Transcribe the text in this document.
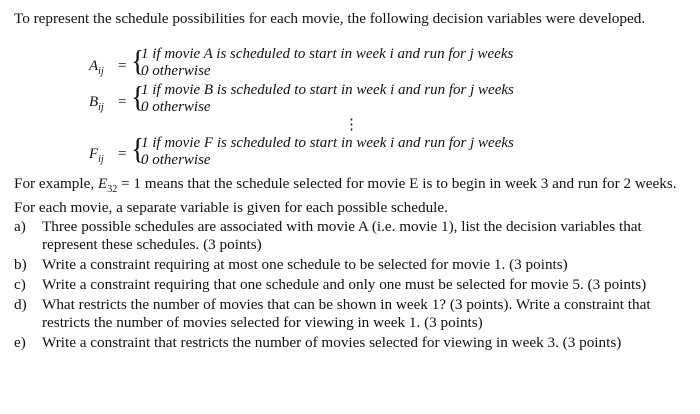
To represent the schedule possibilities for each movie, the following decision variables were developed.
$A_{ij}$ = {
1 if movie A is scheduled to start in week i and run for j weeks
0 otherwise
$B_{ij}$ = {
1 if movie B is scheduled to start in week i and run for j weeks
0 otherwise
⋮
$F_{ij}$ = {
1 if movie F is scheduled to start in week i and run for j weeks
0 otherwise
For example, $E_{32} = 1$ means that the schedule selected for movie E is to begin in week 3 and run for 2 weeks. For each movie, a separate variable is given for each possible schedule.
a) Three possible schedules are associated with movie A (i.e. movie 1), list the decision variables that represent these schedules. (3 points)
b) Write a constraint requiring at most one schedule to be selected for movie 1. (3 points)
c) Write a constraint requiring that one schedule and only one must be selected for movie 5. (3 points)
d) What restricts the number of movies that can be shown in week 1? (3 points). Write a constraint that restricts the number of movies selected for viewing in week 1. (3 points)
e) Write a constraint that restricts the number of movies selected for viewing in week 3. (3 points)
